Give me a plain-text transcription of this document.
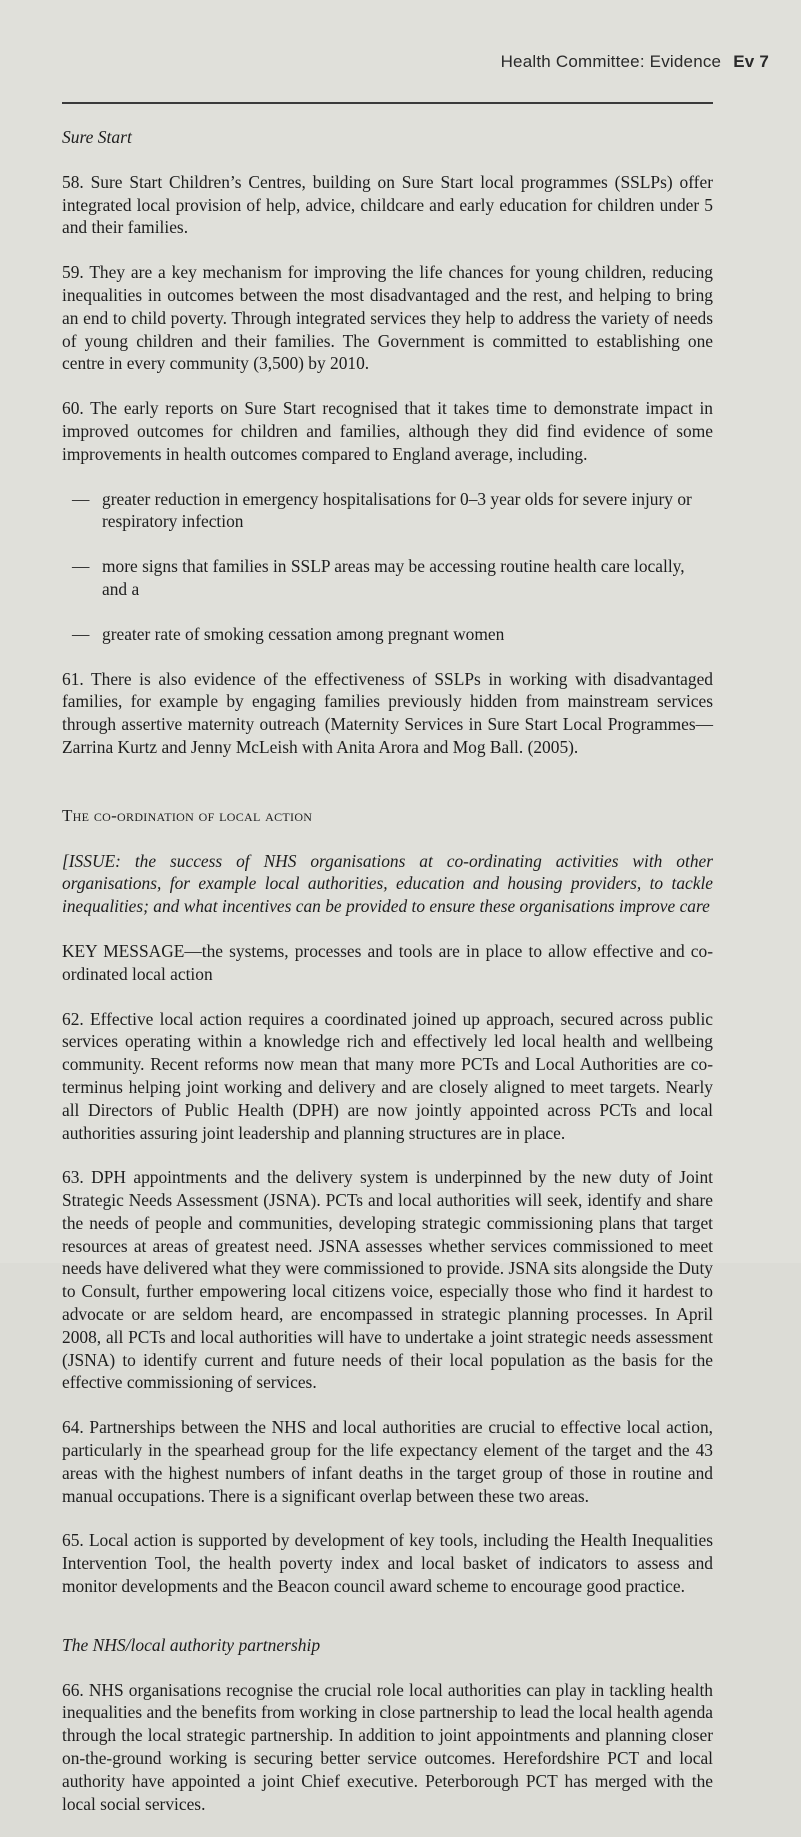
Health Committee: Evidence Ev 7

Sure Start

58. Sure Start Children’s Centres, building on Sure Start local programmes (SSLPs) offer integrated local provision of help, advice, childcare and early education for children under 5 and their families.

59. They are a key mechanism for improving the life chances for young children, reducing inequalities in outcomes between the most disadvantaged and the rest, and helping to bring an end to child poverty. Through integrated services they help to address the variety of needs of young children and their families. The Government is committed to establishing one centre in every community (3,500) by 2010.

60. The early reports on Sure Start recognised that it takes time to demonstrate impact in improved outcomes for children and families, although they did find evidence of some improvements in health outcomes compared to England average, including.

— greater reduction in emergency hospitalisations for 0–3 year olds for severe injury or respiratory infection
— more signs that families in SSLP areas may be accessing routine health care locally, and a
— greater rate of smoking cessation among pregnant women

61. There is also evidence of the effectiveness of SSLPs in working with disadvantaged families, for example by engaging families previously hidden from mainstream services through assertive maternity outreach (Maternity Services in Sure Start Local Programmes—Zarrina Kurtz and Jenny McLeish with Anita Arora and Mog Ball. (2005).

The co-ordination of local action

[ISSUE: the success of NHS organisations at co-ordinating activities with other organisations, for example local authorities, education and housing providers, to tackle inequalities; and what incentives can be provided to ensure these organisations improve care

KEY MESSAGE—the systems, processes and tools are in place to allow effective and co-ordinated local action

62. Effective local action requires a coordinated joined up approach, secured across public services operating within a knowledge rich and effectively led local health and wellbeing community. Recent reforms now mean that many more PCTs and Local Authorities are co-terminus helping joint working and delivery and are closely aligned to meet targets. Nearly all Directors of Public Health (DPH) are now jointly appointed across PCTs and local authorities assuring joint leadership and planning structures are in place.

63. DPH appointments and the delivery system is underpinned by the new duty of Joint Strategic Needs Assessment (JSNA). PCTs and local authorities will seek, identify and share the needs of people and communities, developing strategic commissioning plans that target resources at areas of greatest need. JSNA assesses whether services commissioned to meet needs have delivered what they were commissioned to provide. JSNA sits alongside the Duty to Consult, further empowering local citizens voice, especially those who find it hardest to advocate or are seldom heard, are encompassed in strategic planning processes. In April 2008, all PCTs and local authorities will have to undertake a joint strategic needs assessment (JSNA) to identify current and future needs of their local population as the basis for the effective commissioning of services.

64. Partnerships between the NHS and local authorities are crucial to effective local action, particularly in the spearhead group for the life expectancy element of the target and the 43 areas with the highest numbers of infant deaths in the target group of those in routine and manual occupations. There is a significant overlap between these two areas.

65. Local action is supported by development of key tools, including the Health Inequalities Intervention Tool, the health poverty index and local basket of indicators to assess and monitor developments and the Beacon council award scheme to encourage good practice.

The NHS/local authority partnership

66. NHS organisations recognise the crucial role local authorities can play in tackling health inequalities and the benefits from working in close partnership to lead the local health agenda through the local strategic partnership. In addition to joint appointments and planning closer on-the-ground working is securing better service outcomes. Herefordshire PCT and local authority have appointed a joint Chief executive. Peterborough PCT has merged with the local social services.
